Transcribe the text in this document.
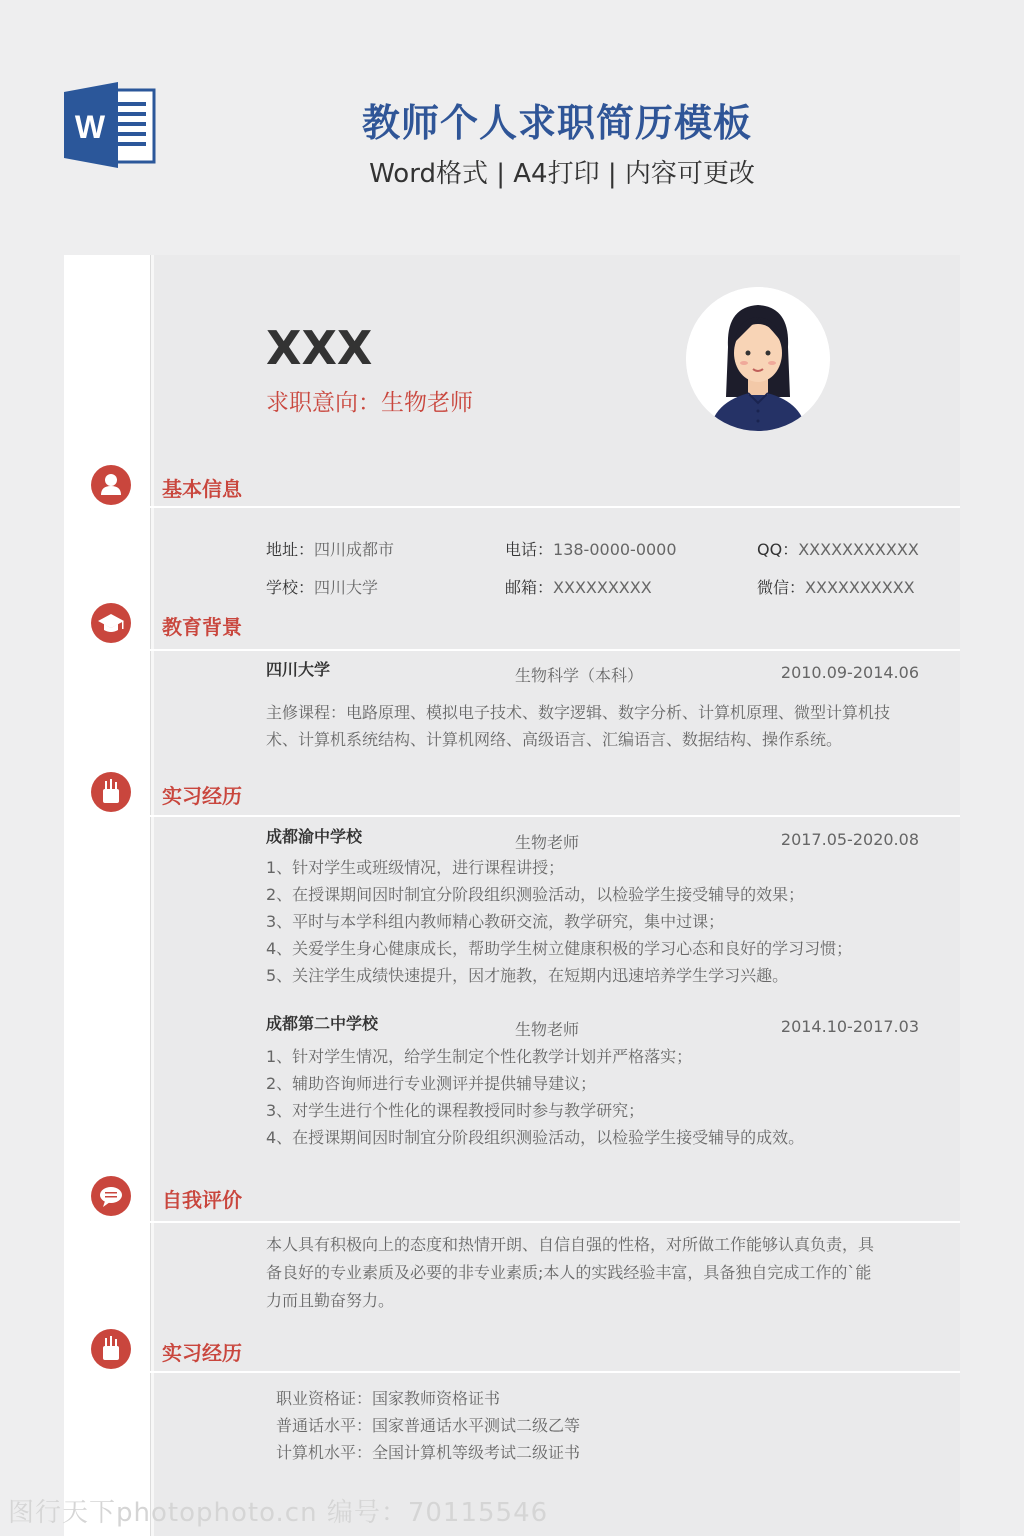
W	教师个人求职简历模板
Word格式 | A4打印 | 内容可更改
XXX
求职意向：生物老师
基本信息
地址：四川成都市	电话：138-0000-0000	QQ：XXXXXXXXXXX
学校：四川大学	邮箱：XXXXXXXXX	微信：XXXXXXXXXX
教育背景
四川大学	生物科学（本科）	2010.09-2014.06
主修课程：电路原理、模拟电子技术、数字逻辑、数字分析、计算机原理、微型计算机技
术、计算机系统结构、计算机网络、高级语言、汇编语言、数据结构、操作系统。
实习经历
成都渝中学校	生物老师	2017.05-2020.08
1、针对学生或班级情况，进行课程讲授；
2、在授课期间因时制宜分阶段组织测验活动，以检验学生接受辅导的效果；
3、平时与本学科组内教师精心教研交流，教学研究，集中过课；
4、关爱学生身心健康成长，帮助学生树立健康积极的学习心态和良好的学习习惯；
5、关注学生成绩快速提升，因才施教，在短期内迅速培养学生学习兴趣。
成都第二中学校	生物老师	2014.10-2017.03
1、针对学生情况，给学生制定个性化教学计划并严格落实；
2、辅助咨询师进行专业测评并提供辅导建议；
3、对学生进行个性化的课程教授同时参与教学研究；
4、在授课期间因时制宜分阶段组织测验活动，以检验学生接受辅导的成效。
自我评价
本人具有积极向上的态度和热情开朗、自信自强的性格，对所做工作能够认真负责，具
备良好的专业素质及必要的非专业素质;本人的实践经验丰富，具备独自完成工作的`能
力而且勤奋努力。
实习经历
职业资格证：国家教师资格证书
普通话水平：国家普通话水平测试二级乙等
计算机水平：全国计算机等级考试二级证书
图行天下photophoto.cn 编号：70115546
